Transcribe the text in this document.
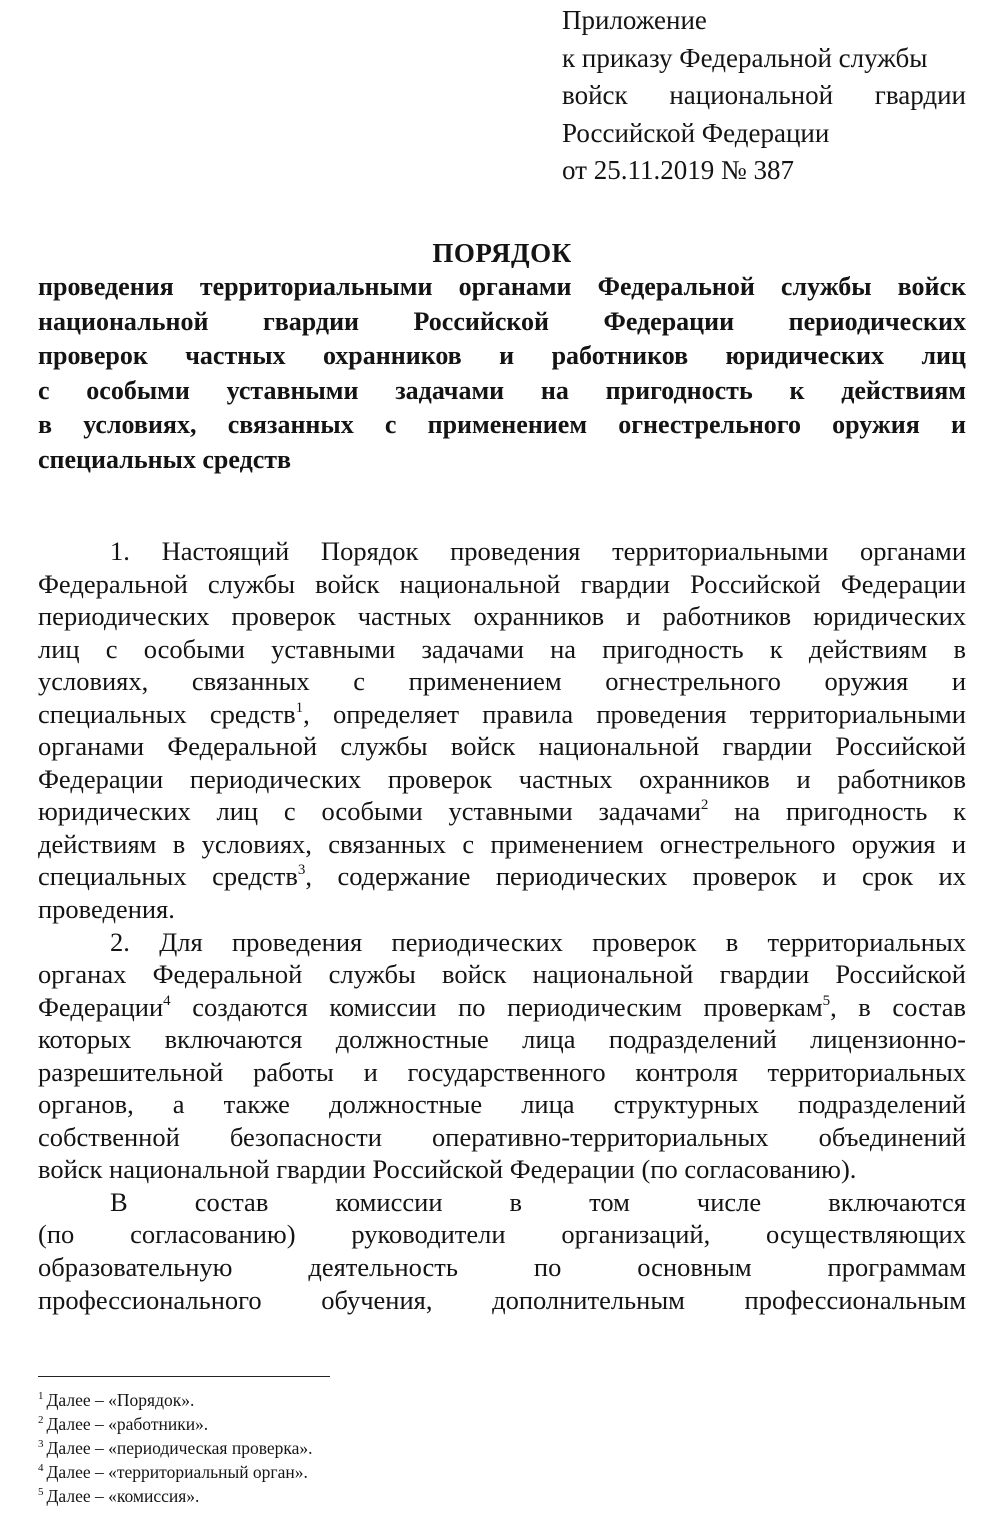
Приложение
к приказу Федеральной службы
войск национальной гвардии
Российской Федерации
от 25.11.2019 № 387
ПОРЯДОК
проведения территориальными органами Федеральной службы войск
национальной гвардии Российской Федерации периодических
проверок частных охранников и работников юридических лиц
с особыми уставными задачами на пригодность к действиям
в условиях, связанных с применением огнестрельного оружия и
специальных средств
1. Настоящий Порядок проведения территориальными органами
Федеральной службы войск национальной гвардии Российской Федерации
периодических проверок частных охранников и работников юридических
лиц с особыми уставными задачами на пригодность к действиям в
условиях, связанных с применением огнестрельного оружия и
специальных средств$^1$, определяет правила проведения территориальными
органами Федеральной службы войск национальной гвардии Российской
Федерации периодических проверок частных охранников и работников
юридических лиц с особыми уставными задачами$^2$ на пригодность к
действиям в условиях, связанных с применением огнестрельного оружия и
специальных средств$^3$, содержание периодических проверок и срок их
проведения.
2. Для проведения периодических проверок в территориальных
органах Федеральной службы войск национальной гвардии Российской
Федерации$^4$ создаются комиссии по периодическим проверкам$^5$, в состав
которых включаются должностные лица подразделений лицензионно-
разрешительной работы и государственного контроля территориальных
органов, а также должностные лица структурных подразделений
собственной безопасности оперативно-территориальных объединений
войск национальной гвардии Российской Федерации (по согласованию).
В состав комиссии в том числе включаются
(по согласованию) руководители организаций, осуществляющих
образовательную деятельность по основным программам
профессионального обучения, дополнительным профессиональным
$^1$ Далее – «Порядок».
$^2$ Далее – «работники».
$^3$ Далее – «периодическая проверка».
$^4$ Далее – «территориальный орган».
$^5$ Далее – «комиссия».
